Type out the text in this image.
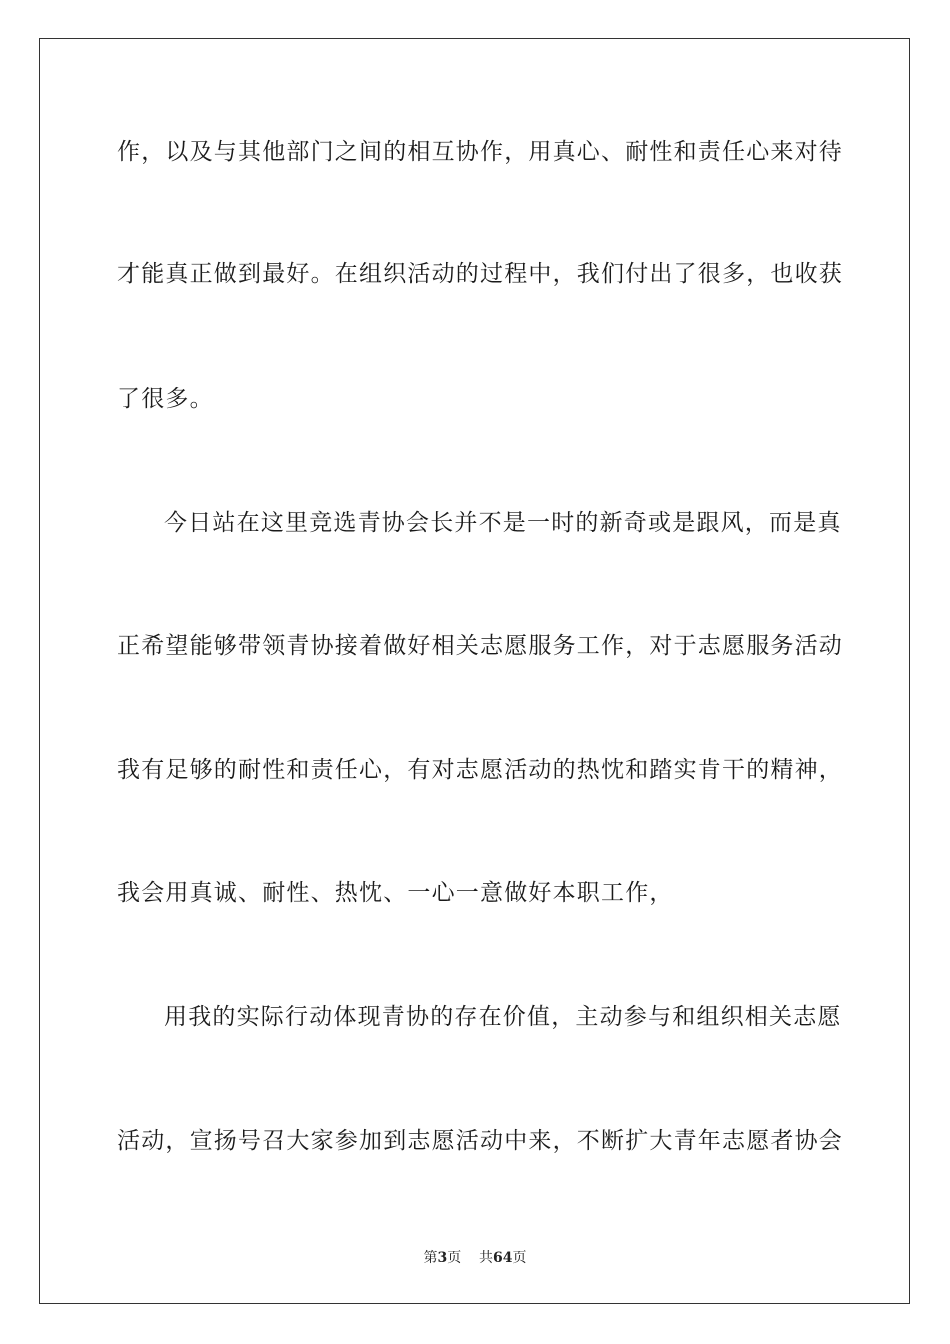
作，以及与其他部门之间的相互协作，用真心、耐性和责任心来对待
才能真正做到最好。在组织活动的过程中，我们付出了很多，也收获
了很多。
今日站在这里竞选青协会长并不是一时的新奇或是跟风，而是真
正希望能够带领青协接着做好相关志愿服务工作，对于志愿服务活动
我有足够的耐性和责任心，有对志愿活动的热忱和踏实肯干的精神，
我会用真诚、耐性、热忱、一心一意做好本职工作，
用我的实际行动体现青协的存在价值，主动参与和组织相关志愿
活动，宣扬号召大家参加到志愿活动中来，不断扩大青年志愿者协会
第3页 共64页
